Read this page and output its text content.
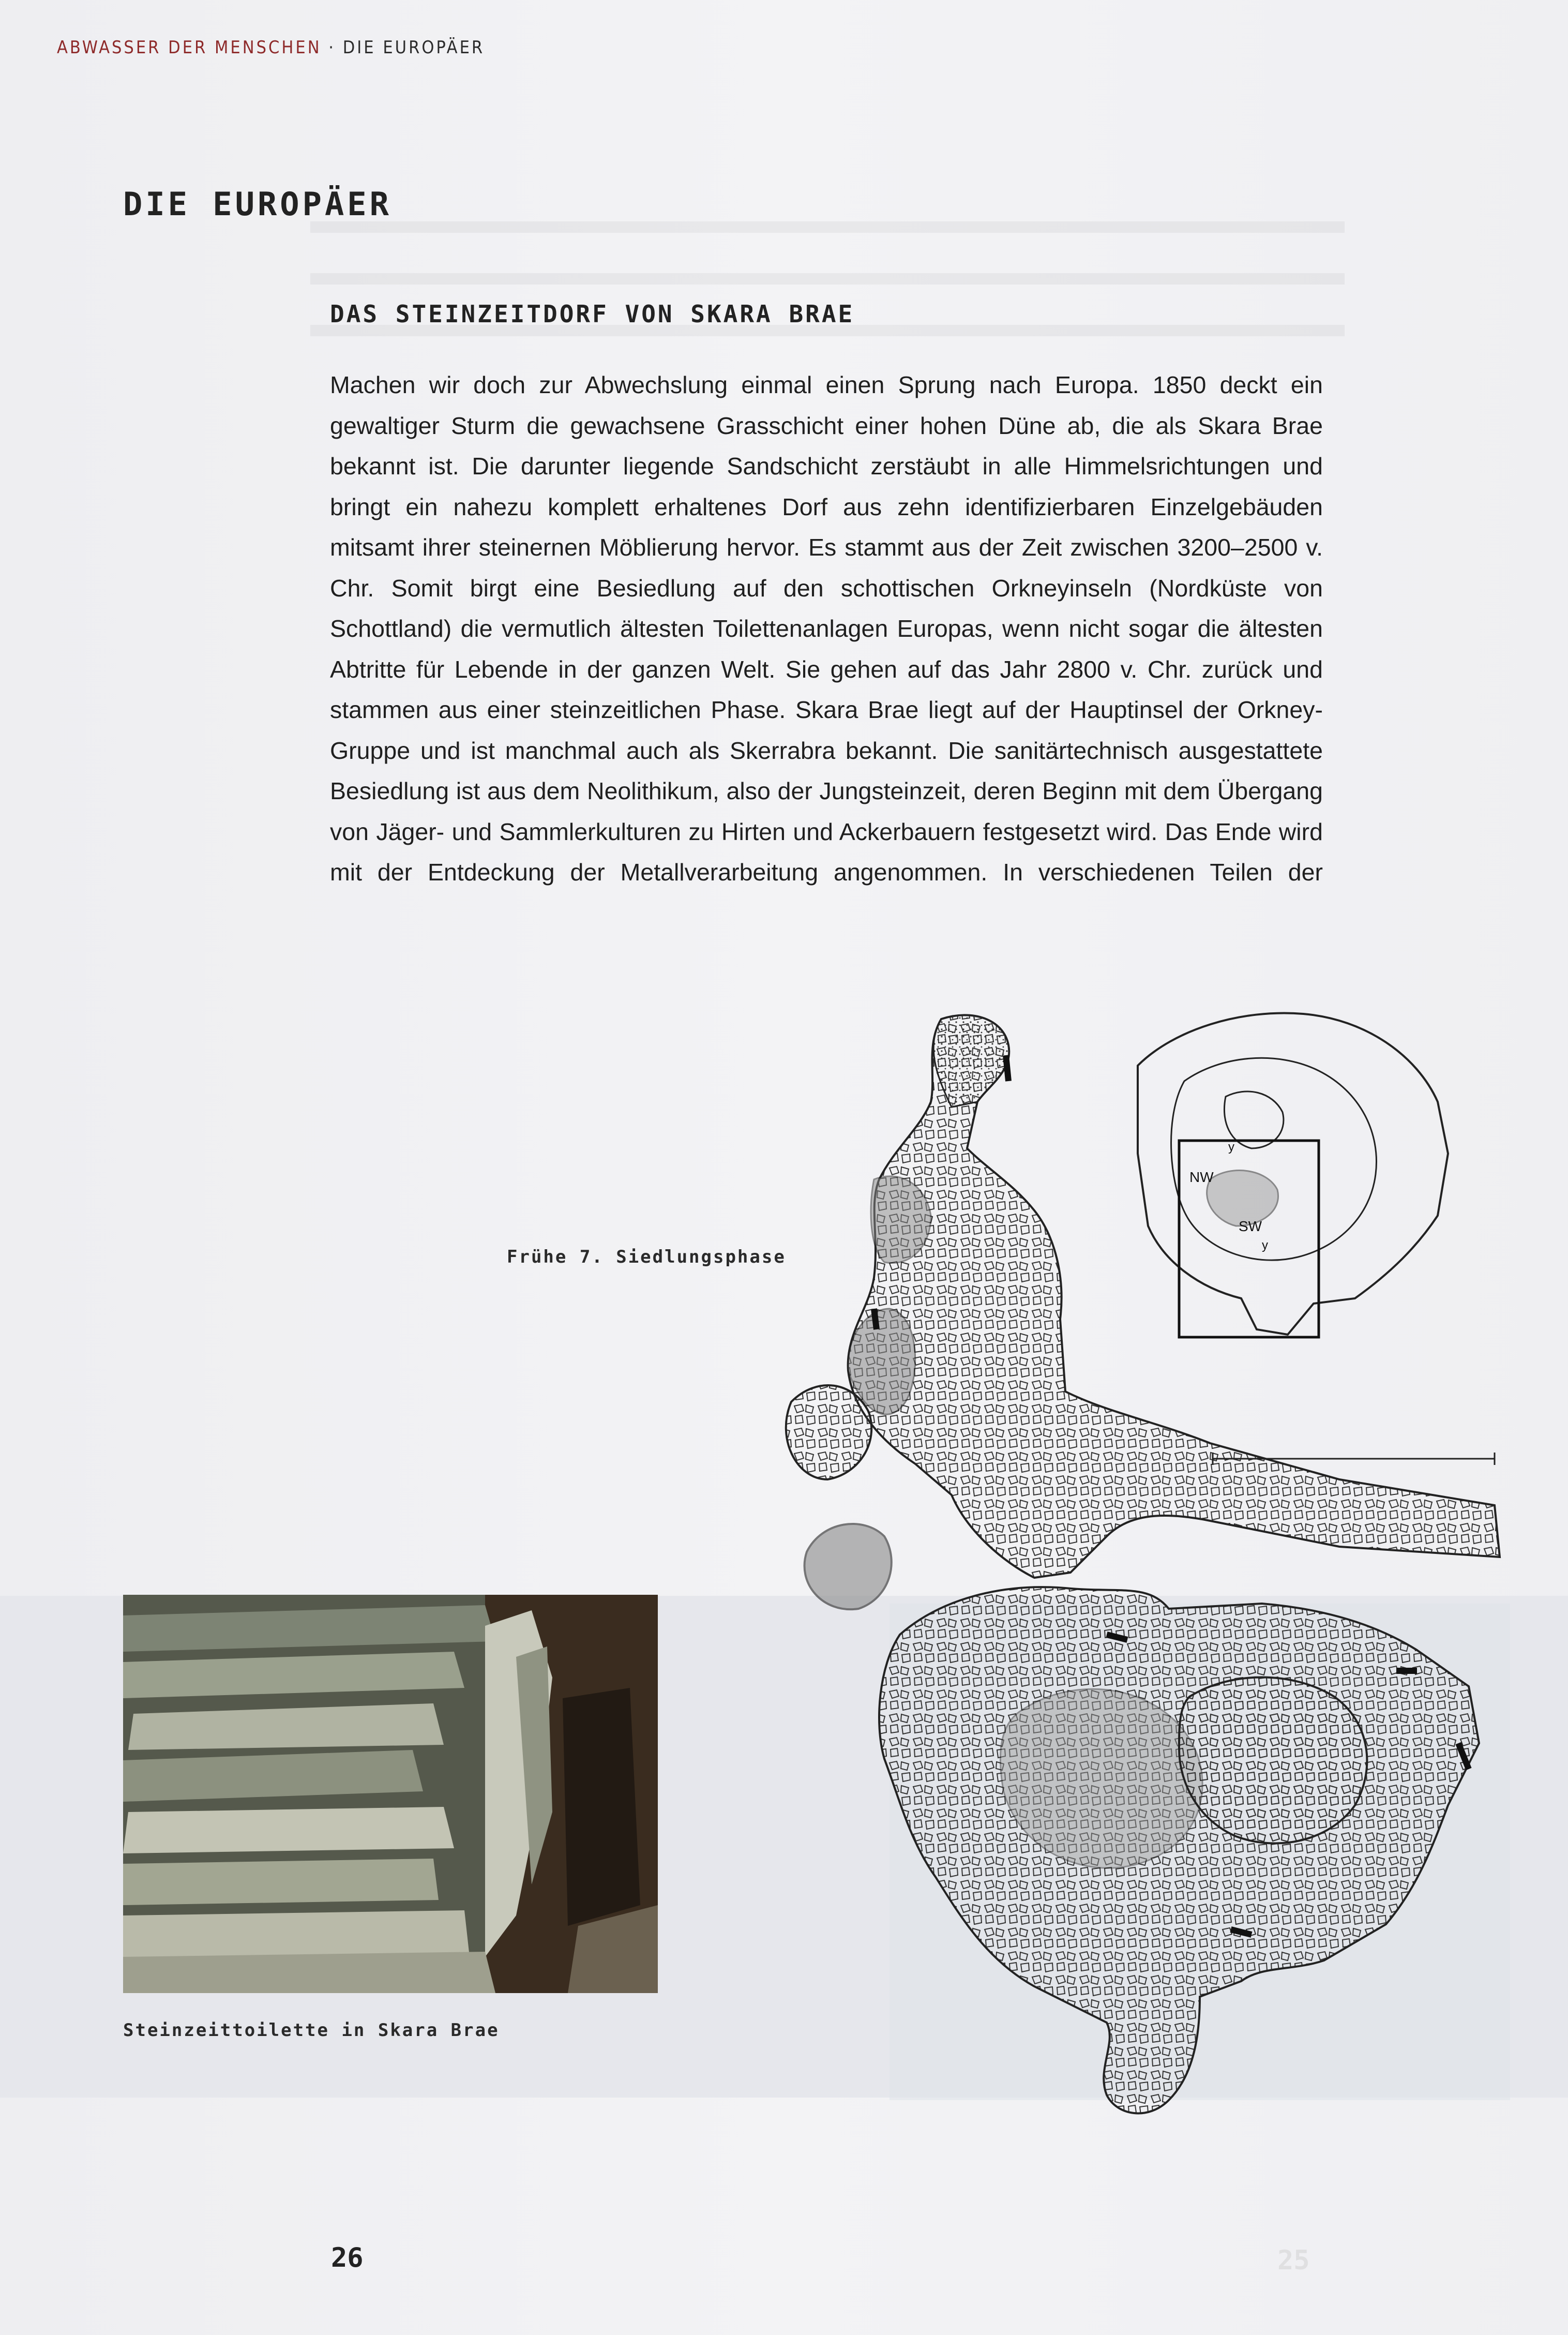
ABWASSER DER MENSCHEN · DIE EUROPÄER
DIE EUROPÄER
DAS STEINZEITDORF VON SKARA BRAE

Machen wir doch zur Abwechslung einmal einen Sprung nach Europa. 1850 deckt ein gewaltiger Sturm die gewachsene Grasschicht einer hohen Düne ab, die als Skara Brae bekannt ist. Die darunter liegende Sandschicht zerstäubt in alle Himmelsrichtungen und bringt ein nahezu komplett erhaltenes Dorf aus zehn identifizierbaren Einzelgebäuden mitsamt ihrer steinernen Möblierung hervor. Es stammt aus der Zeit zwischen 3200–2500 v. Chr. Somit birgt eine Besiedlung auf den schottischen Orkneyinseln (Nordküste von Schottland) die vermutlich ältesten Toilettenanlagen Europas, wenn nicht sogar die ältesten Abtritte für Lebende in der ganzen Welt. Sie gehen auf das Jahr 2800 v. Chr. zurück und stammen aus einer steinzeitlichen Phase. Skara Brae liegt auf der Hauptinsel der Orkney-Gruppe und ist manchmal auch als Skerrabra bekannt. Die sanitärtechnisch ausgestattete Besiedlung ist aus dem Neolithikum, also der Jungsteinzeit, deren Beginn mit dem Übergang von Jäger- und Sammlerkulturen zu Hirten und Ackerbauern festgesetzt wird. Das Ende wird mit der Entdeckung der Metallverarbeitung angenommen. In verschiedenen Teilen der

Frühe 7. Siedlungsphase
NW
SW
y
y
Steinzeittoilette in Skara Brae
26	25
